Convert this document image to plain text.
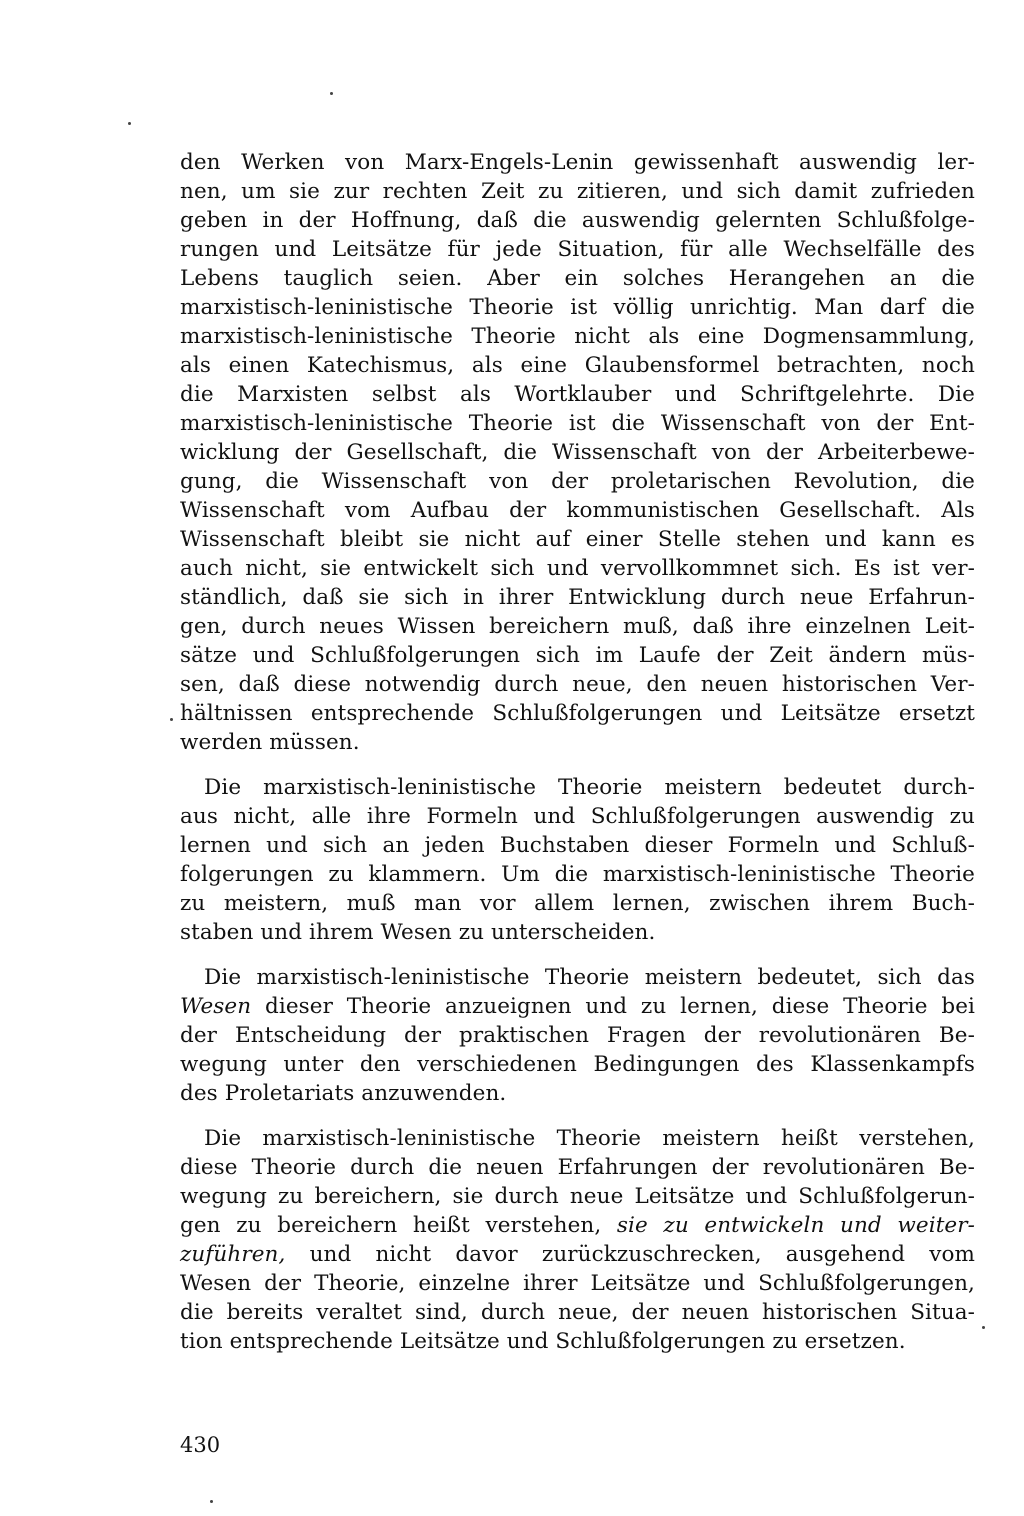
den Werken von Marx-Engels-Lenin gewissenhaft auswendig ler-
nen, um sie zur rechten Zeit zu zitieren, und sich damit zufrieden
geben in der Hoffnung, daß die auswendig gelernten Schlußfolge-
rungen und Leitsätze für jede Situation, für alle Wechselfälle des
Lebens tauglich seien. Aber ein solches Herangehen an die
marxistisch-leninistische Theorie ist völlig unrichtig. Man darf die
marxistisch-leninistische Theorie nicht als eine Dogmensammlung,
als einen Katechismus, als eine Glaubensformel betrachten, noch
die Marxisten selbst als Wortklauber und Schriftgelehrte. Die
marxistisch-leninistische Theorie ist die Wissenschaft von der Ent-
wicklung der Gesellschaft, die Wissenschaft von der Arbeiterbewe-
gung, die Wissenschaft von der proletarischen Revolution, die
Wissenschaft vom Aufbau der kommunistischen Gesellschaft. Als
Wissenschaft bleibt sie nicht auf einer Stelle stehen und kann es
auch nicht, sie entwickelt sich und vervollkommnet sich. Es ist ver-
ständlich, daß sie sich in ihrer Entwicklung durch neue Erfahrun-
gen, durch neues Wissen bereichern muß, daß ihre einzelnen Leit-
sätze und Schlußfolgerungen sich im Laufe der Zeit ändern müs-
sen, daß diese notwendig durch neue, den neuen historischen Ver-
hältnissen entsprechende Schlußfolgerungen und Leitsätze ersetzt
werden müssen.
Die marxistisch-leninistische Theorie meistern bedeutet durch-
aus nicht, alle ihre Formeln und Schlußfolgerungen auswendig zu
lernen und sich an jeden Buchstaben dieser Formeln und Schluß-
folgerungen zu klammern. Um die marxistisch-leninistische Theorie
zu meistern, muß man vor allem lernen, zwischen ihrem Buch-
staben und ihrem Wesen zu unterscheiden.
Die marxistisch-leninistische Theorie meistern bedeutet, sich das
Wesen dieser Theorie anzueignen und zu lernen, diese Theorie bei
der Entscheidung der praktischen Fragen der revolutionären Be-
wegung unter den verschiedenen Bedingungen des Klassenkampfs
des Proletariats anzuwenden.
Die marxistisch-leninistische Theorie meistern heißt verstehen,
diese Theorie durch die neuen Erfahrungen der revolutionären Be-
wegung zu bereichern, sie durch neue Leitsätze und Schlußfolgerun-
gen zu bereichern heißt verstehen, sie zu entwickeln und weiter-
zuführen, und nicht davor zurückzuschrecken, ausgehend vom
Wesen der Theorie, einzelne ihrer Leitsätze und Schlußfolgerungen,
die bereits veraltet sind, durch neue, der neuen historischen Situa-
tion entsprechende Leitsätze und Schlußfolgerungen zu ersetzen.
430
